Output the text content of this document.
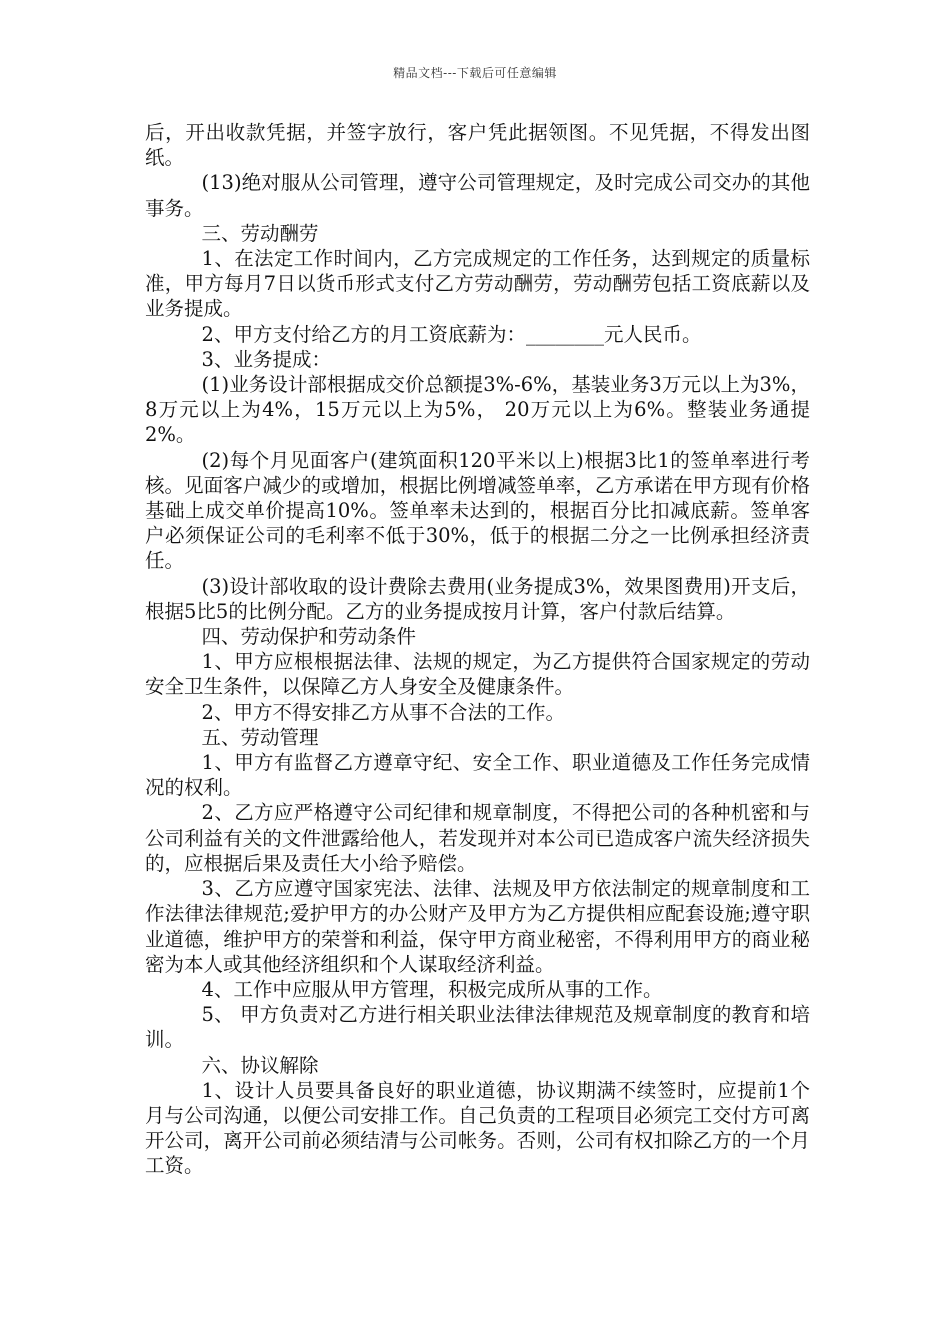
精品文档---下载后可任意编辑

后，开出收款凭据，并签字放行，客户凭此据领图。不见凭据，不得发出图纸。

(13)绝对服从公司管理，遵守公司管理规定，及时完成公司交办的其他事务。

三、劳动酬劳

1、在法定工作时间内，乙方完成规定的工作任务，达到规定的质量标准，甲方每月7日以货币形式支付乙方劳动酬劳，劳动酬劳包括工资底薪以及业务提成。

2、甲方支付给乙方的月工资底薪为：________元人民币。

3、业务提成：

(1)业务设计部根据成交价总额提3%-6%，基装业务3万元以上为3%，8万元以上为4%，15万元以上为5%， 20万元以上为6%。整装业务通提2%。

(2)每个月见面客户(建筑面积120平米以上)根据3比1的签单率进行考核。见面客户减少的或增加，根据比例增减签单率，乙方承诺在甲方现有价格基础上成交单价提高10%。签单率未达到的，根据百分比扣减底薪。签单客户必须保证公司的毛利率不低于30%，低于的根据二分之一比例承担经济责任。

(3)设计部收取的设计费除去费用(业务提成3%，效果图费用)开支后，根据5比5的比例分配。乙方的业务提成按月计算，客户付款后结算。

四、劳动保护和劳动条件

1、甲方应根根据法律、法规的规定，为乙方提供符合国家规定的劳动安全卫生条件，以保障乙方人身安全及健康条件。

2、甲方不得安排乙方从事不合法的工作。

五、劳动管理

1、甲方有监督乙方遵章守纪、安全工作、职业道德及工作任务完成情况的权利。

2、乙方应严格遵守公司纪律和规章制度，不得把公司的各种机密和与公司利益有关的文件泄露给他人，若发现并对本公司已造成客户流失经济损失的，应根据后果及责任大小给予赔偿。

3、乙方应遵守国家宪法、法律、法规及甲方依法制定的规章制度和工作法律法律规范;爱护甲方的办公财产及甲方为乙方提供相应配套设施;遵守职业道德，维护甲方的荣誉和利益，保守甲方商业秘密，不得利用甲方的商业秘密为本人或其他经济组织和个人谋取经济利益。

4、工作中应服从甲方管理，积极完成所从事的工作。

5、 甲方负责对乙方进行相关职业法律法律规范及规章制度的教育和培训。

六、协议解除

1、设计人员要具备良好的职业道德，协议期满不续签时，应提前1个月与公司沟通，以便公司安排工作。自己负责的工程项目必须完工交付方可离开公司，离开公司前必须结清与公司帐务。否则，公司有权扣除乙方的一个月工资。
